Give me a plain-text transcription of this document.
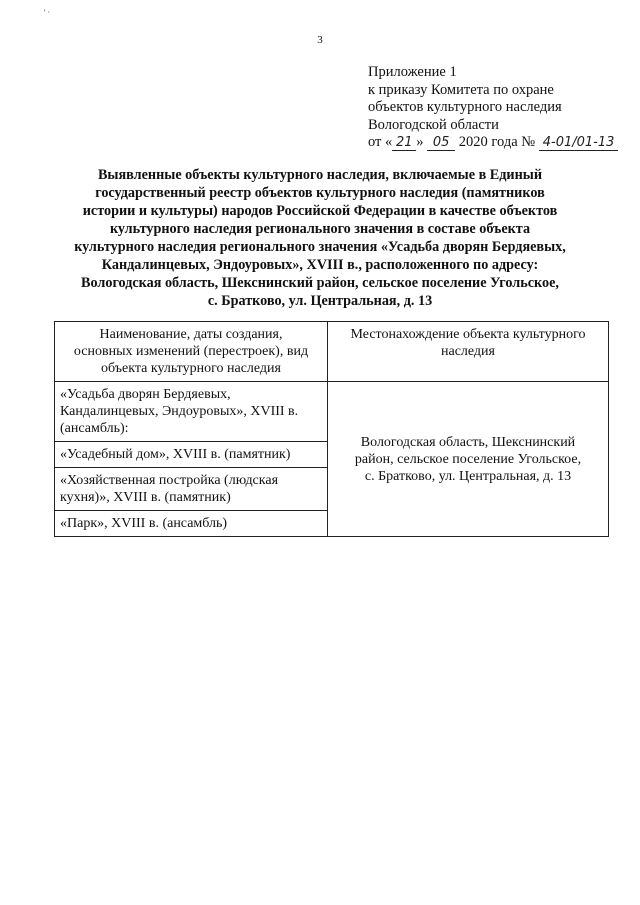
' ·
3
Приложение 1
к приказу Комитета по охране
объектов культурного наследия
Вологодской области
от « 21 » 05 2020 года № 4-01/01-13
Выявленные объекты культурного наследия, включаемые в Единый
государственный реестр объектов культурного наследия (памятников
истории и культуры) народов Российской Федерации в качестве объектов
культурного наследия регионального значения в составе объекта
культурного наследия регионального значения «Усадьба дворян Бердяевых,
Кандалинцевых, Эндоуровых», XVIII в., расположенного по адресу:
Вологодская область, Шекснинский район, сельское поселение Угольское,
с. Братково, ул. Центральная, д. 13
Наименование, даты создания,
основных изменений (перестроек), вид
объекта культурного наследия	Местонахождение объекта культурного
наследия

«Усадьба дворян Бердяевых,
Кандалинцевых, Эндоуровых», XVIII в.
(ансамбль):	Вологодская область, Шекснинский
район, сельское поселение Угольское,
с. Братково, ул. Центральная, д. 13

«Усадебный дом», XVIII в. (памятник)	

«Хозяйственная постройка (людская
кухня)», XVIII в. (памятник)	

«Парк», XVIII в. (ансамбль)	
